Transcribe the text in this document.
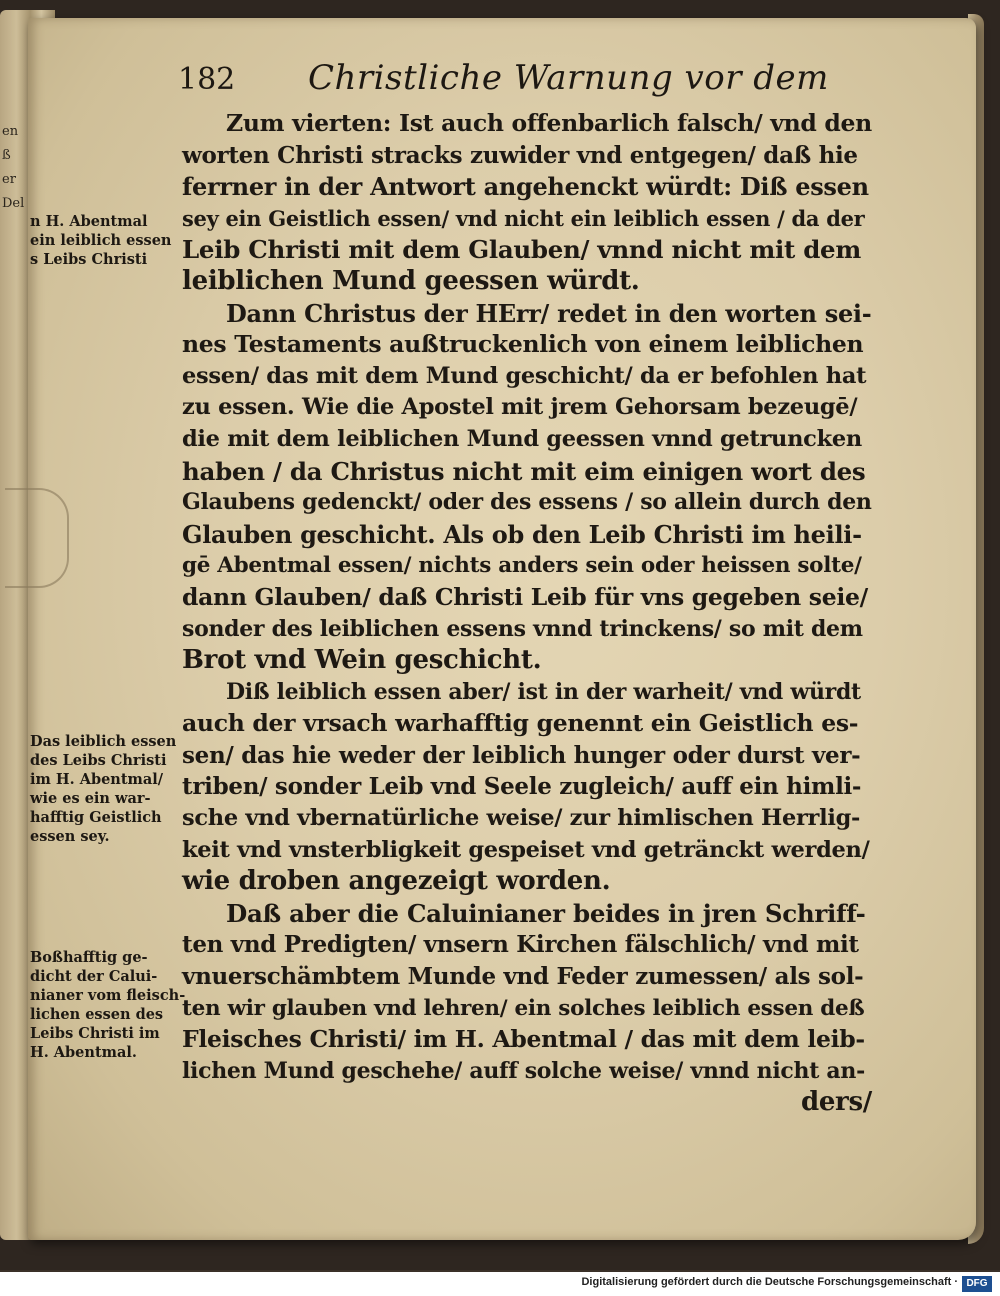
en
ß
er
Del
182 Christliche Warnung vor dem
n H. Abentmal
ein leiblich essen
s Leibs Christi
Das leiblich essen
des Leibs Christi
im H. Abentmal/
wie es ein war-
hafftig Geistlich
essen sey.
Boßhafftig ge-
dicht der Calui-
nianer vom fleisch-
lichen essen des
Leibs Christi im
H. Abentmal.
Zum vierten: Ist auch offenbarlich falsch/ vnd den
worten Christi stracks zuwider vnd entgegen/ daß hie
ferrner in der Antwort angehenckt würdt: Diß essen
sey ein Geistlich essen/ vnd nicht ein leiblich essen / da der
Leib Christi mit dem Glauben/ vnnd nicht mit dem
leiblichen Mund geessen würdt.
Dann Christus der HErr/ redet in den worten sei-
nes Testaments außtruckenlich von einem leiblichen
essen/ das mit dem Mund geschicht/ da er befohlen hat
zu essen. Wie die Apostel mit jrem Gehorsam bezeugē/
die mit dem leiblichen Mund geessen vnnd getruncken
haben / da Christus nicht mit eim einigen wort des
Glaubens gedenckt/ oder des essens / so allein durch den
Glauben geschicht. Als ob den Leib Christi im heili-
gē Abentmal essen/ nichts anders sein oder heissen solte/
dann Glauben/ daß Christi Leib für vns gegeben seie/
sonder des leiblichen essens vnnd trinckens/ so mit dem
Brot vnd Wein geschicht.
Diß leiblich essen aber/ ist in der warheit/ vnd würdt
auch der vrsach warhafftig genennt ein Geistlich es-
sen/ das hie weder der leiblich hunger oder durst ver-
triben/ sonder Leib vnd Seele zugleich/ auff ein himli-
sche vnd vbernatürliche weise/ zur himlischen Herrlig-
keit vnd vnsterbligkeit gespeiset vnd getränckt werden/
wie droben angezeigt worden.
Daß aber die Caluinianer beides in jren Schriff-
ten vnd Predigten/ vnsern Kirchen fälschlich/ vnd mit
vnuerschämbtem Munde vnd Feder zumessen/ als sol-
ten wir glauben vnd lehren/ ein solches leiblich essen deß
Fleisches Christi/ im H. Abentmal / das mit dem leib-
lichen Mund geschehe/ auff solche weise/ vnnd nicht an-
ders/
Digitalisierung gefördert durch die Deutsche Forschungsgemeinschaft · DFG
